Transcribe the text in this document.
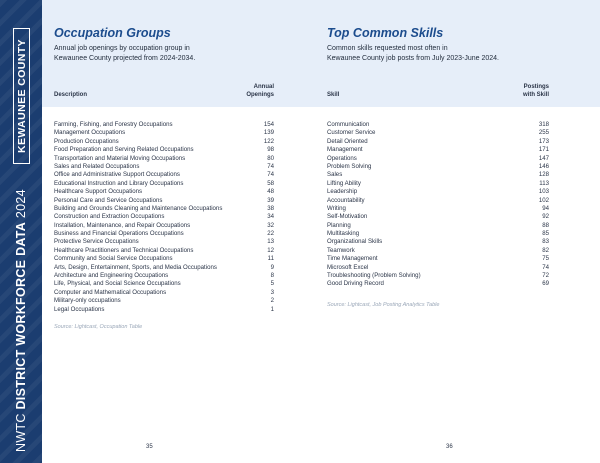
NWTC DISTRICT WORKFORCE DATA 2024
KEWAUNEE COUNTY
Occupation Groups
Annual job openings by occupation group in
Kewaunee County projected from 2024-2034.
Description
Annual
Openings
Farming, Fishing, and Forestry Occupations	154
Management Occupations	139
Production Occupations	122
Food Preparation and Serving Related Occupations	98
Transportation and Material Moving Occupations	80
Sales and Related Occupations	74
Office and Administrative Support Occupations	74
Educational Instruction and Library Occupations	58
Healthcare Support Occupations	48
Personal Care and Service Occupations	39
Building and Grounds Cleaning and Maintenance Occupations	38
Construction and Extraction Occupations	34
Installation, Maintenance, and Repair Occupations	32
Business and Financial Operations Occupations	22
Protective Service Occupations	13
Healthcare Practitioners and Technical Occupations	12
Community and Social Service Occupations	11
Arts, Design, Entertainment, Sports, and Media Occupations	9
Architecture and Engineering Occupations	8
Life, Physical, and Social Science Occupations	5
Computer and Mathematical Occupations	3
Military-only occupations	2
Legal Occupations	1
Source: Lightcast, Occupation Table
Top Common Skills
Common skills requested most often in
Kewaunee County job posts from July 2023-June 2024.
Skill
Postings
with Skill
Communication	318
Customer Service	255
Detail Oriented	173
Management	171
Operations	147
Problem Solving	146
Sales	128
Lifting Ability	113
Leadership	103
Accountability	102
Writing	94
Self-Motivation	92
Planning	88
Multitasking	85
Organizational Skills	83
Teamwork	82
Time Management	75
Microsoft Excel	74
Troubleshooting (Problem Solving)	72
Good Driving Record	69
Source: Lightcast, Job Posting Analytics Table
35	36
